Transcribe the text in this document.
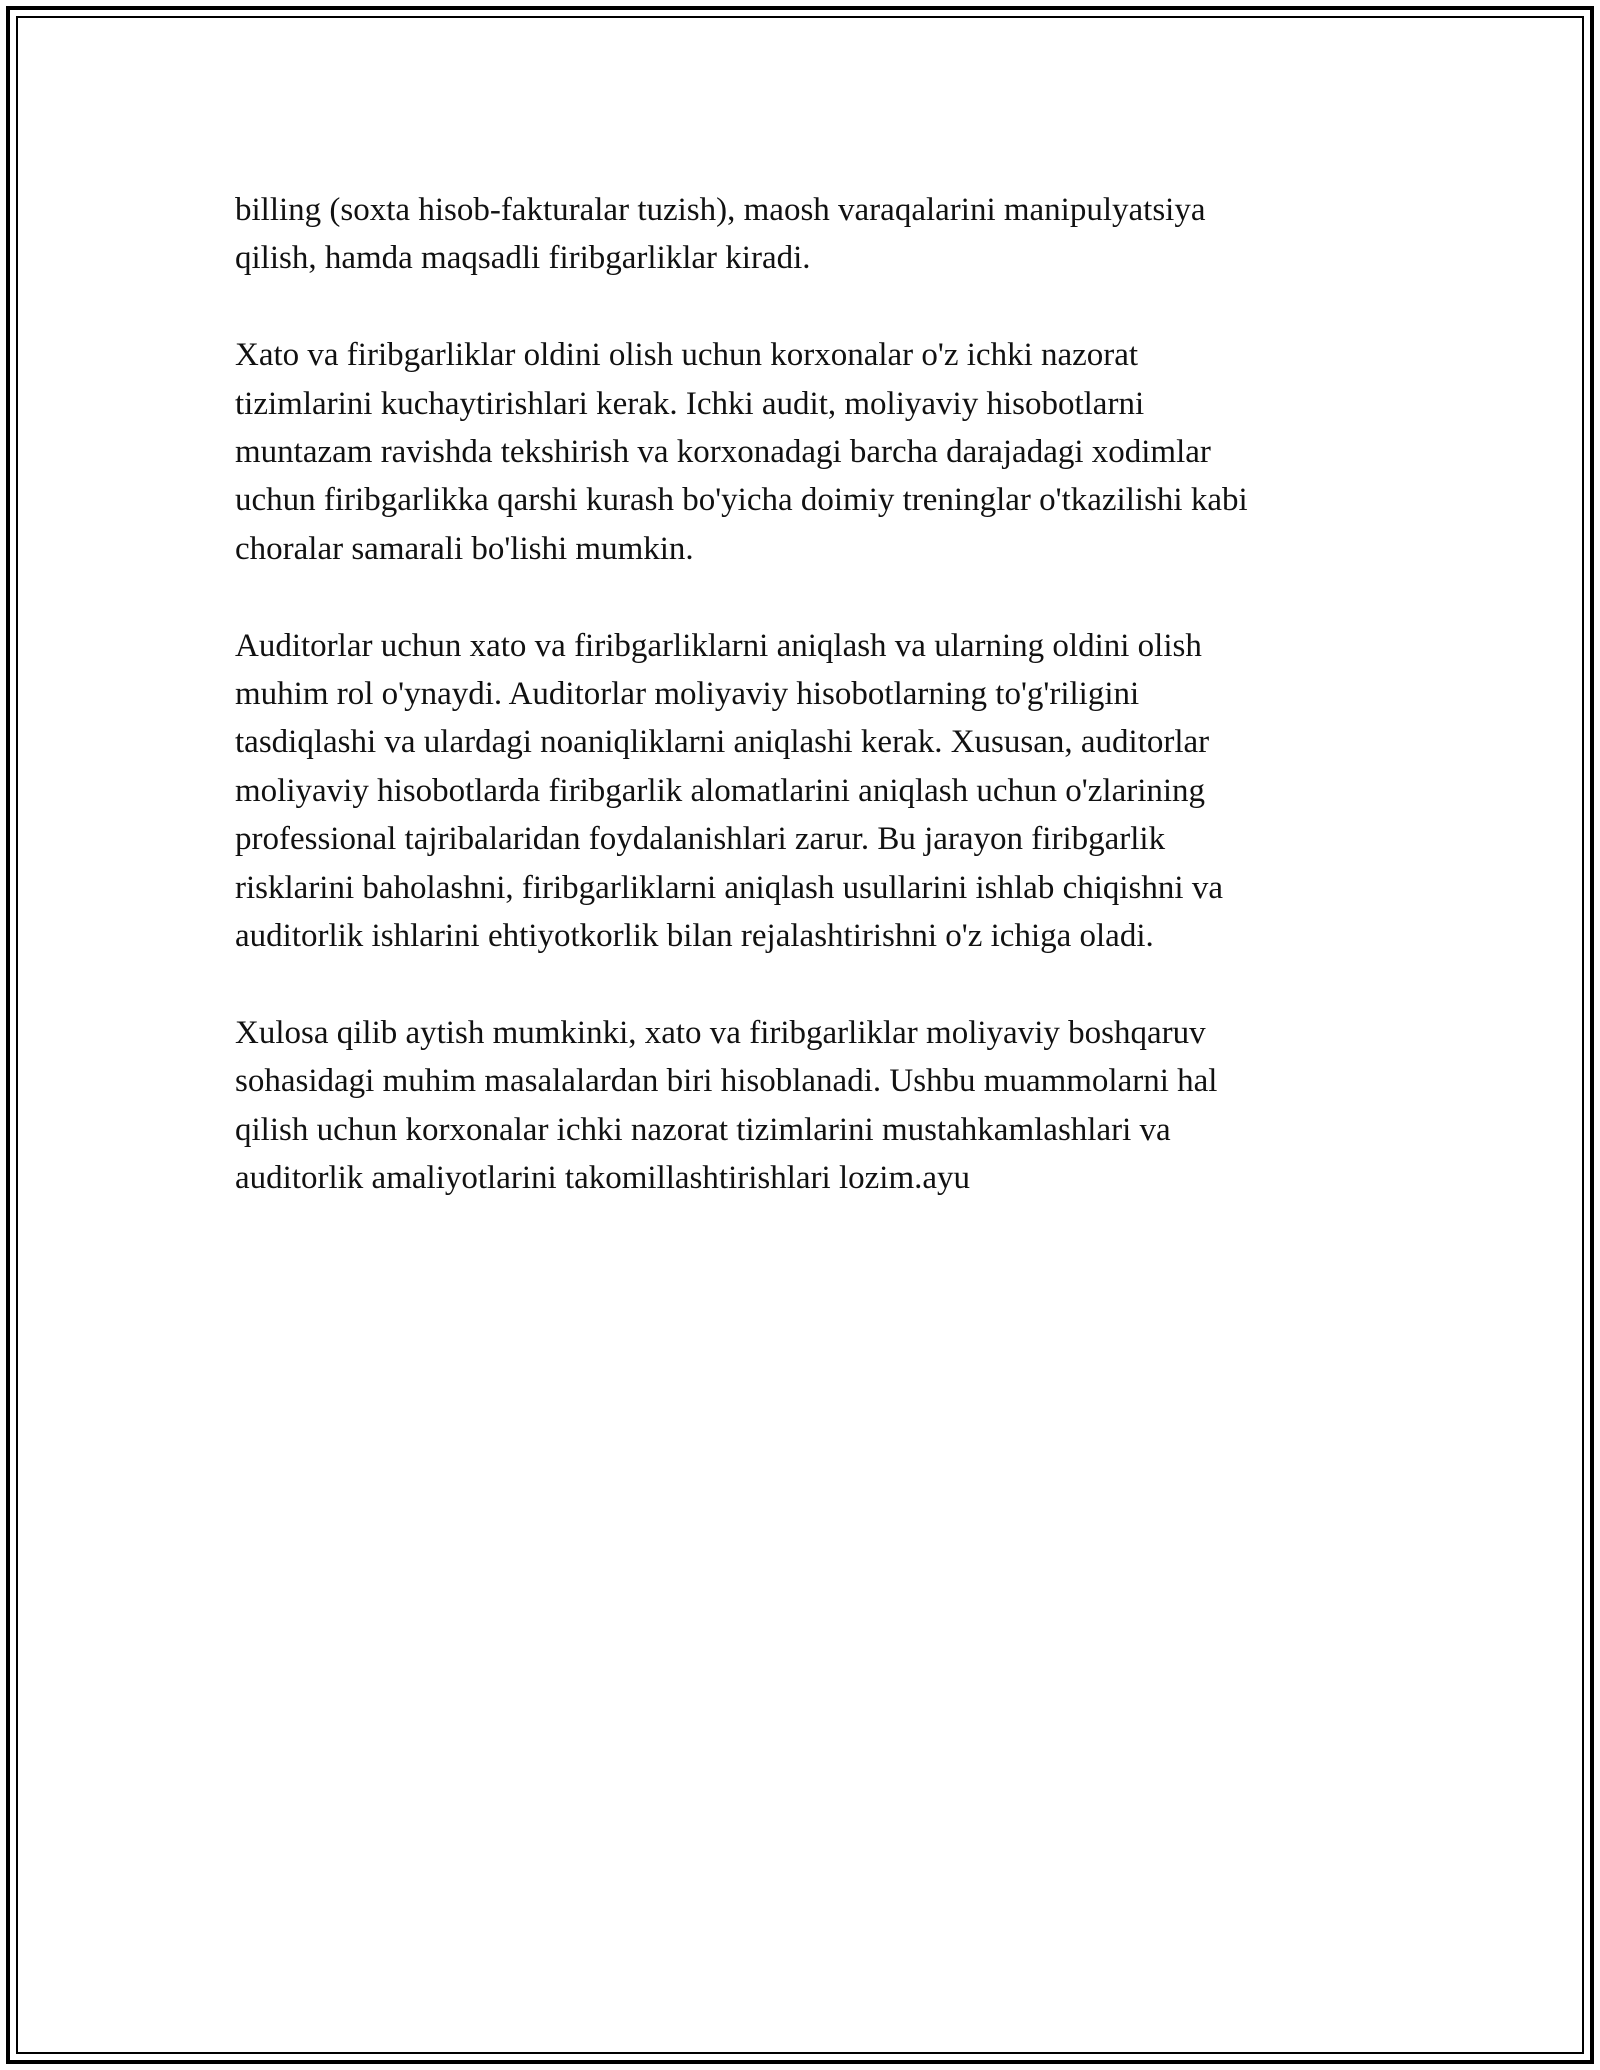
billing (soxta hisob-fakturalar tuzish), maosh varaqalarini manipulyatsiya
qilish, hamda maqsadli firibgarliklar kiradi.

Xato va firibgarliklar oldini olish uchun korxonalar o'z ichki nazorat
tizimlarini kuchaytirishlari kerak. Ichki audit, moliyaviy hisobotlarni
muntazam ravishda tekshirish va korxonadagi barcha darajadagi xodimlar
uchun firibgarlikka qarshi kurash bo'yicha doimiy treninglar o'tkazilishi kabi
choralar samarali bo'lishi mumkin.

Auditorlar uchun xato va firibgarliklarni aniqlash va ularning oldini olish
muhim rol o'ynaydi. Auditorlar moliyaviy hisobotlarning to'g'riligini
tasdiqlashi va ulardagi noaniqliklarni aniqlashi kerak. Xususan, auditorlar
moliyaviy hisobotlarda firibgarlik alomatlarini aniqlash uchun o'zlarining
professional tajribalaridan foydalanishlari zarur. Bu jarayon firibgarlik
risklarini baholashni, firibgarliklarni aniqlash usullarini ishlab chiqishni va
auditorlik ishlarini ehtiyotkorlik bilan rejalashtirishni o'z ichiga oladi.

Xulosa qilib aytish mumkinki, xato va firibgarliklar moliyaviy boshqaruv
sohasidagi muhim masalalardan biri hisoblanadi. Ushbu muammolarni hal
qilish uchun korxonalar ichki nazorat tizimlarini mustahkamlashlari va
auditorlik amaliyotlarini takomillashtirishlari lozim.ayu
